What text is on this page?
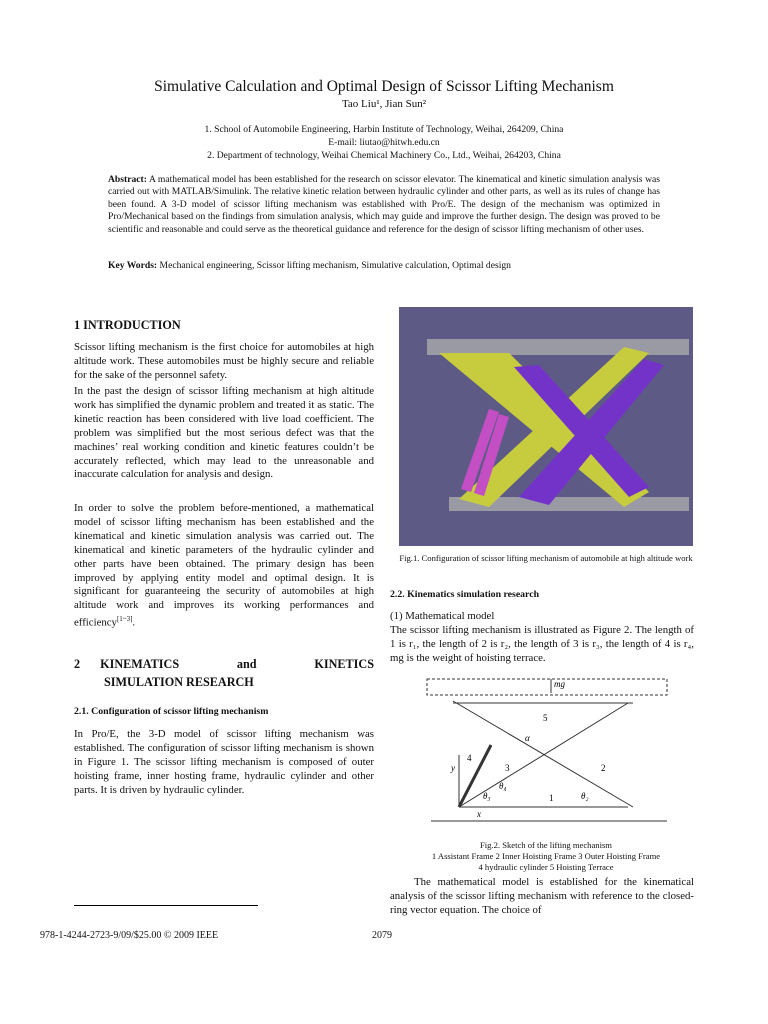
Simulative Calculation and Optimal Design of Scissor Lifting Mechanism
Tao Liu¹, Jian Sun²
1. School of Automobile Engineering, Harbin Institute of Technology, Weihai, 264209, China
E-mail: liutao@hitwh.edu.cn
2. Department of technology, Weihai Chemical Machinery Co., Ltd., Weihai, 264203, China
Abstract: A mathematical model has been established for the research on scissor elevator. The kinematical and kinetic simulation analysis was carried out with MATLAB/Simulink. The relative kinetic relation between hydraulic cylinder and other parts, as well as its rules of change has been found. A 3-D model of scissor lifting mechanism was established with Pro/E. The design of the mechanism was optimized in Pro/Mechanical based on the findings from simulation analysis, which may guide and improve the further design. The design was proved to be scientific and reasonable and could serve as the theoretical guidance and reference for the design of scissor lifting mechanism of other uses.
Key Words: Mechanical engineering, Scissor lifting mechanism, Simulative calculation, Optimal design
1 INTRODUCTION

Scissor lifting mechanism is the first choice for automobiles at high altitude work. These automobiles must be highly secure and reliable for the sake of the personnel safety.

In the past the design of scissor lifting mechanism at high altitude work has simplified the dynamic problem and treated it as static. The kinetic reaction has been considered with live load coefficient. The problem was simplified but the most serious defect was that the machines’ real working condition and kinetic features couldn’t be accurately reflected, which may lead to the unreasonable and inaccurate calculation for analysis and design.

In order to solve the problem before-mentioned, a mathematical model of scissor lifting mechanism has been established and the kinematical and kinetic simulation analysis was carried out. The kinematical and kinetic parameters of the hydraulic cylinder and other parts have been obtained. The primary design has been improved by applying entity model and optimal design. It is significant for guaranteeing the security of automobiles at high altitude work and improves its working performances and efficiency[1~3].

2 KINEMATICS	and	KINETICS
SIMULATION RESEARCH
2.1. Configuration of scissor lifting mechanism

In Pro/E, the 3-D model of scissor lifting mechanism was established. The configuration of scissor lifting mechanism is shown in Figure 1. The scissor lifting mechanism is composed of outer hoisting frame, inner hosting frame, hydraulic cylinder and other parts. It is driven by hydraulic cylinder.

978-1-4244-2723-9/09/$25.00 © 2009 IEEE	2079
Fig.1. Configuration of scissor lifting mechanism of automobile at high altitude work
2.2. Kinematics simulation research

(1) Mathematical model

The scissor lifting mechanism is illustrated as Figure 2. The length of 1 is r₁, the length of 2 is r₂, the length of 3 is r₃, the length of 4 is r₄, mg is the weight of hoisting terrace.

mg
5
α
4
3	2
1
θ₄
θ₃	θ₂
y
x
Fig.2. Sketch of the lifting mechanism
1 Assistant Frame 2 Inner Hoisting Frame 3 Outer Hoisting Frame
4 hydraulic cylinder 5 Hoisting Terrace

The mathematical model is established for the kinematical analysis of the scissor lifting mechanism with reference to the closed-ring vector equation. The choice of
